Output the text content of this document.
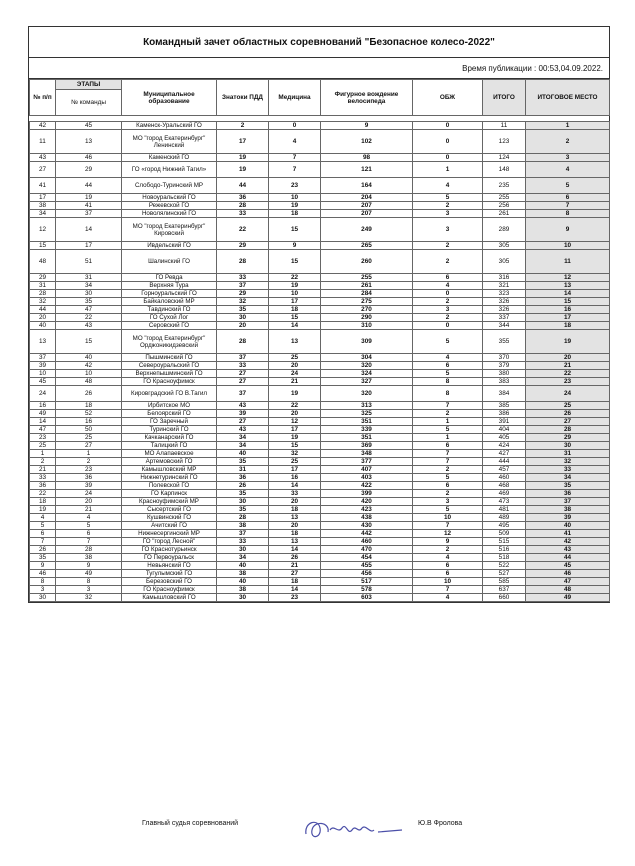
Командный зачет областных соревнований "Безопасное колесо-2022"
Время публикации : 00:53,04.09.2022.
№ п/п	ЭТАПЫ	Муниципальное образование	Знатоки ПДД	Медицина	Фигурное вождение велосипеда	ОБЖ	ИТОГО	ИТОГОВОЕ МЕСТО
	№ команды							

42	45	Каменск-Уральский ГО	2	0	9	0	11	1
11	13	МО "город Екатеринбург" Ленинский	17	4	102	0	123	2
43	46	Каменский ГО	19	7	98	0	124	3
27	29	ГО «город Нижний Тагил»	19	7	121	1	148	4
41	44	Слободо-Туринский МР	44	23	164	4	235	5
17	19	Новоуральский ГО	36	10	204	5	255	6
38	41	Режевской ГО	28	19	207	2	256	7
34	37	Новолялинский ГО	33	18	207	3	261	8
12	14	МО "город Екатеринбург" Кировский	22	15	249	3	289	9
15	17	Ивдельский ГО	29	9	265	2	305	10
48	51	Шалинский ГО	28	15	260	2	305	11
29	31	ГО Ревда	33	22	255	6	316	12
31	34	Верхняя Тура	37	19	261	4	321	13
28	30	Горноуральский ГО	29	10	284	0	323	14
32	35	Байкаловский МР	32	17	275	2	326	15
44	47	Тавдинский ГО	35	18	270	3	326	16
20	22	ГО Сухой Лог	30	15	290	2	337	17
40	43	Серовский ГО	20	14	310	0	344	18
13	15	МО "город Екатеринбург" Орджоникидзевский	28	13	309	5	355	19
37	40	Пышминский ГО	37	25	304	4	370	20
39	42	Североуральский ГО	33	20	320	6	379	21
10	10	Верхнепышминский ГО	27	24	324	5	380	22
45	48	ГО Красноуфимск	27	21	327	8	383	23
24	26	Кировградский ГО В.Тагил	37	19	320	8	384	24
16	18	Ирбитское МО	43	22	313	7	385	25
49	52	Белоярский ГО	39	20	325	2	386	26
14	16	ГО Заречный	27	12	351	1	391	27
47	50	Туринский ГО	43	17	339	5	404	28
23	25	Качканарский ГО	34	19	351	1	405	29
25	27	Талицкий ГО	34	15	369	6	424	30
1	1	МО Алапаевское	40	32	348	7	427	31
2	2	Артемовский ГО	35	25	377	7	444	32
21	23	Камышловский МР	31	17	407	2	457	33
33	36	Нижнетуринский ГО	36	16	403	5	460	34
36	39	Полевской ГО	26	14	422	6	468	35
22	24	ГО Карпинск	35	33	399	2	469	36
18	20	Красноуфимский МР	30	20	420	3	473	37
19	21	Сысертский ГО	35	18	423	5	481	38
4	4	Кушвинский ГО	28	13	438	10	489	39
5	5	Ачитский ГО	38	20	430	7	495	40
6	6	Нижнесергинский МР	37	18	442	12	509	41
7	7	ГО "город Лесной"	33	13	460	9	515	42
26	28	ГО Краснотурьинск	30	14	470	2	516	43
35	38	ГО Первоуральск	34	26	454	4	518	44
9	9	Невьянский ГО	40	21	455	6	522	45
46	49	Тугулымский ГО	38	27	456	6	527	46
8	8	Березовский ГО	40	18	517	10	585	47
3	3	ГО Красноуфимск	38	14	578	7	637	48
30	32	Камышловский ГО	30	23	603	4	660	49
Главный судья соревнований	Ю.В Фролова
